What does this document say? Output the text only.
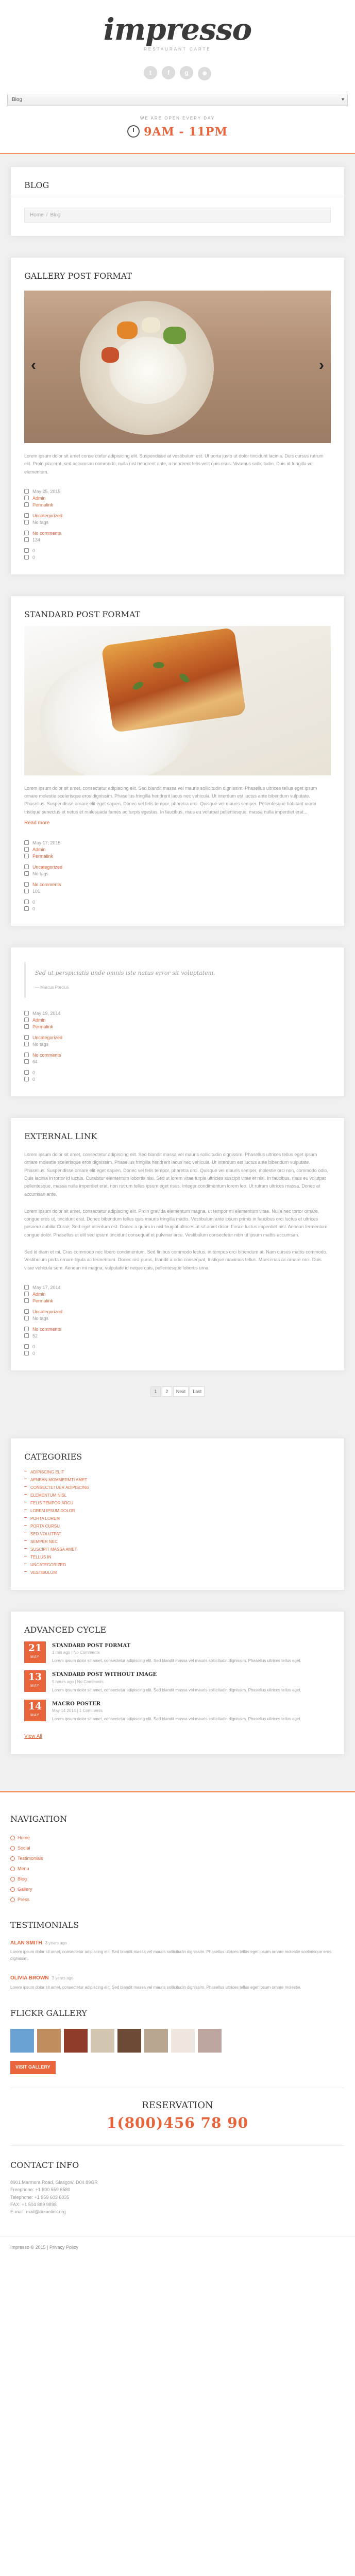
impresso
RESTAURANT CARTE
t	f g	◉
Blog	▾
WE ARE OPEN EVERY DAY
9AM - 11PM
BLOG
Home / Blog
GALLERY POST FORMAT
‹	›
Lorem ipsum dolor sit amet conse ctetur adipisicing elit. Suspendisse at vestibulum est. Ut porta justo ut dolor tincidunt lacinia. Duis cursus rutrum elit. Proin placerat, sed accumsan commodo, nulla nisl hendrerit ante, a hendrerit felis velit quis risus. Vivamus sollicitudin. Duis id fringilla vel elementum.
May 25, 2015
Admin
Permalink
Uncategorized
No tags
No comments
134
0
0
STANDARD POST FORMAT
Lorem ipsum dolor sit amet, consectetur adipiscing elit. Sed blandit massa vel mauris sollicitudin dignissim. Phasellus ultrices tellus eget ipsum ornare molestie scelerisque eros dignissim. Phasellus fringilla hendrerit lacus nec vehicula. Ut interdum est luctus ante bibendum vulputate. Phasellus. Suspendisse ornare elit eget sapien. Donec vel felis tempor, pharetra orci. Quisque vel mauris semper. Pellentesque habitant morbi tristique senectus et netus et malesuada fames ac turpis egestas. In faucibus, risus eu volutpat pellentesque, massa nulla imperdiet erat...
Read more
May 17, 2015
Admin
Permalink
Uncategorized
No tags
No comments
101
0
0
Sed ut perspiciatis unde omnis iste natus error sit voluptatem.
— Marcus Porcius
May 19, 2014
Admin
Permalink
Uncategorized
No tags
No comments
64
0
0
EXTERNAL LINK
Lorem ipsum dolor sit amet, consectetur adipiscing elit. Sed blandit massa vel mauris sollicitudin dignissim. Phasellus ultrices tellus eget ipsum ornare molestie scelerisque eros dignissim. Phasellus fringilla hendrerit lacus nec vehicula. Ut interdum est luctus ante bibendum vulputate. Phasellus. Suspendisse ornare elit eget sapien. Donec vel felis tempor, pharetra orci. Quisque vel mauris semper, molestie orci non, commodo odio. Duis lacinia in tortor id luctus. Curabitur elementum lobortis nisi. Sed ut lorem vitae turpis ultricies suscipit vitae et nisl. In faucibus, risus eu volutpat pellentesque, massa nulla imperdiet erat, non rutrum tellus ipsum eget risus. Integer condimentum lorem leo. Ut rutrum ultrices massa. Donec at accumsan ante.
Lorem ipsum dolor sit amet, consectetur adipiscing elit. Proin gravida elementum magna, ut tempor mi elementum vitae. Nulla nec tortor ornare, congue eros ut, tincidunt erat. Donec bibendum tellus quis mauris fringilla mattis. Vestibulum ante ipsum primis in faucibus orci luctus et ultrices posuere cubilia Curae; Sed eget interdum est. Donec a quam in nisl feugiat ultrices ut sit amet dolor. Fusce luctus imperdiet nisl. Aenean fermentum congue dolor. Phasellus ut elit sed ipsum tincidunt consequat et pulvinar arcu. Vestibulum consectetur nibh ut ipsum mattis accumsan.
Sed id diam et mi. Cras commodo nec libero condimentum. Sed finibus commodo lectus, in tempus orci bibendum at. Nam cursus mattis commodo. Vestibulum porta ornare ligula ac fermentum. Donec nisl purus, blandit a odio consequat, tristique maximus tellus. Maecenas ac ornare orci. Duis vitae vehicula sem. Aenean mi magna, vulputate id neque quis, pellentesque lobortis urna.
May 17, 2014
Admin
Permalink
Uncategorized
No tags
No comments
52
0
0
1 2 Next Last
CATEGORIES
ADIPISCING ELIT
AENEAN MOMMERMTI AMET
CONSECTETUER ADIPISCING
ELEMENTUM NISL
FELIS TEMPOR ARCU
LOREM IPSUM DOLOR
PORTA LOREM
PORTA CURSU
SED VOLUTPAT
SEMPER NEC
SUSCIPIT MASSA AMET
TELLUS IN
UNCATEGORIZED
VESTIBULUM
ADVANCED CYCLE
21
MAY
STANDARD POST FORMAT
1 min ago | No Comments
Lorem ipsum dolor sit amet, consectetur adipiscing elit. Sed blandit massa vel mauris sollicitudin dignissim. Phasellus ultrices tellus eget.
13
MAY
STANDARD POST WITHOUT IMAGE
5 hours ago | No Comments
Lorem ipsum dolor sit amet, consectetur adipiscing elit. Sed blandit massa vel mauris sollicitudin dignissim. Phasellus ultrices tellus eget.
14
MAY
MACRO POSTER
May 14 2014 | 1 Comments
Lorem ipsum dolor sit amet, consectetur adipiscing elit. Sed blandit massa vel mauris sollicitudin dignissim. Phasellus ultrices tellus eget.
View All
NAVIGATION
Home
Social
Testimonials
Menu
Blog
Gallery
Press
TESTIMONIALS
ALAN SMITH 3 years ago
Lorem ipsum dolor sit amet, consectetur adipiscing elit. Sed blandit massa vel mauris sollicitudin dignissim. Phasellus ultrices tellus eget ipsum ornare molestie scelerisque eros dignissim.
OLIVIA BROWN 3 years ago
Lorem ipsum dolor sit amet, consectetur adipiscing elit. Sed blandit massa vel mauris sollicitudin dignissim. Phasellus ultrices tellus eget ipsum ornare molestie.
FLICKR GALLERY
VISIT GALLERY
RESERVATION
1(800)456 78 90
CONTACT INFO
8901 Marmora Road, Glasgow, D04 89GR
Freephone: +1 800 559 6580
Telephone: +1 959 603 6035
FAX: +1 504 889 9898
E-mail: mail@demolink.org
Impresso © 2015 | Privacy Policy
